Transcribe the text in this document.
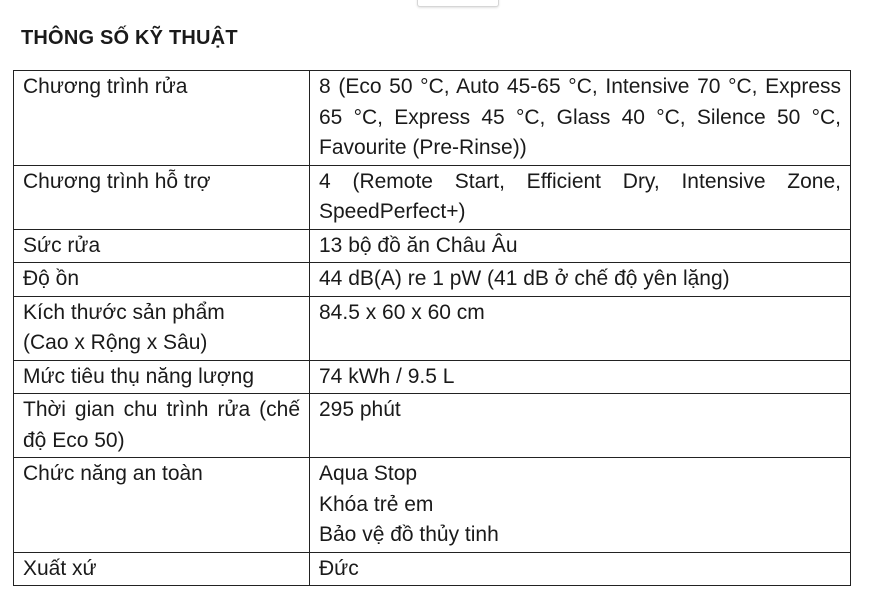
THÔNG SỐ KỸ THUẬT
Chương trình rửa	8 (Eco 50 °C, Auto 45-65 °C, Intensive 70 °C, Express 65 °C, Express 45 °C, Glass 40 °C, Silence 50 °C, Favourite (Pre-Rinse))

Chương trình hỗ trợ	4 (Remote Start, Efficient Dry, Intensive Zone, SpeedPerfect+)

Sức rửa	13 bộ đồ ăn Châu Âu

Độ ồn	44 dB(A) re 1 pW (41 dB ở chế độ yên lặng)

Kích thước sản phẩm
(Cao x Rộng x Sâu)	84.5 x 60 x 60 cm

Mức tiêu thụ năng lượng	74 kWh / 9.5 L

Thời gian chu trình rửa (chế độ Eco 50)	295 phút

Chức năng an toàn	Aqua Stop
Khóa trẻ em
Bảo vệ đồ thủy tinh

Xuất xứ	Đức
